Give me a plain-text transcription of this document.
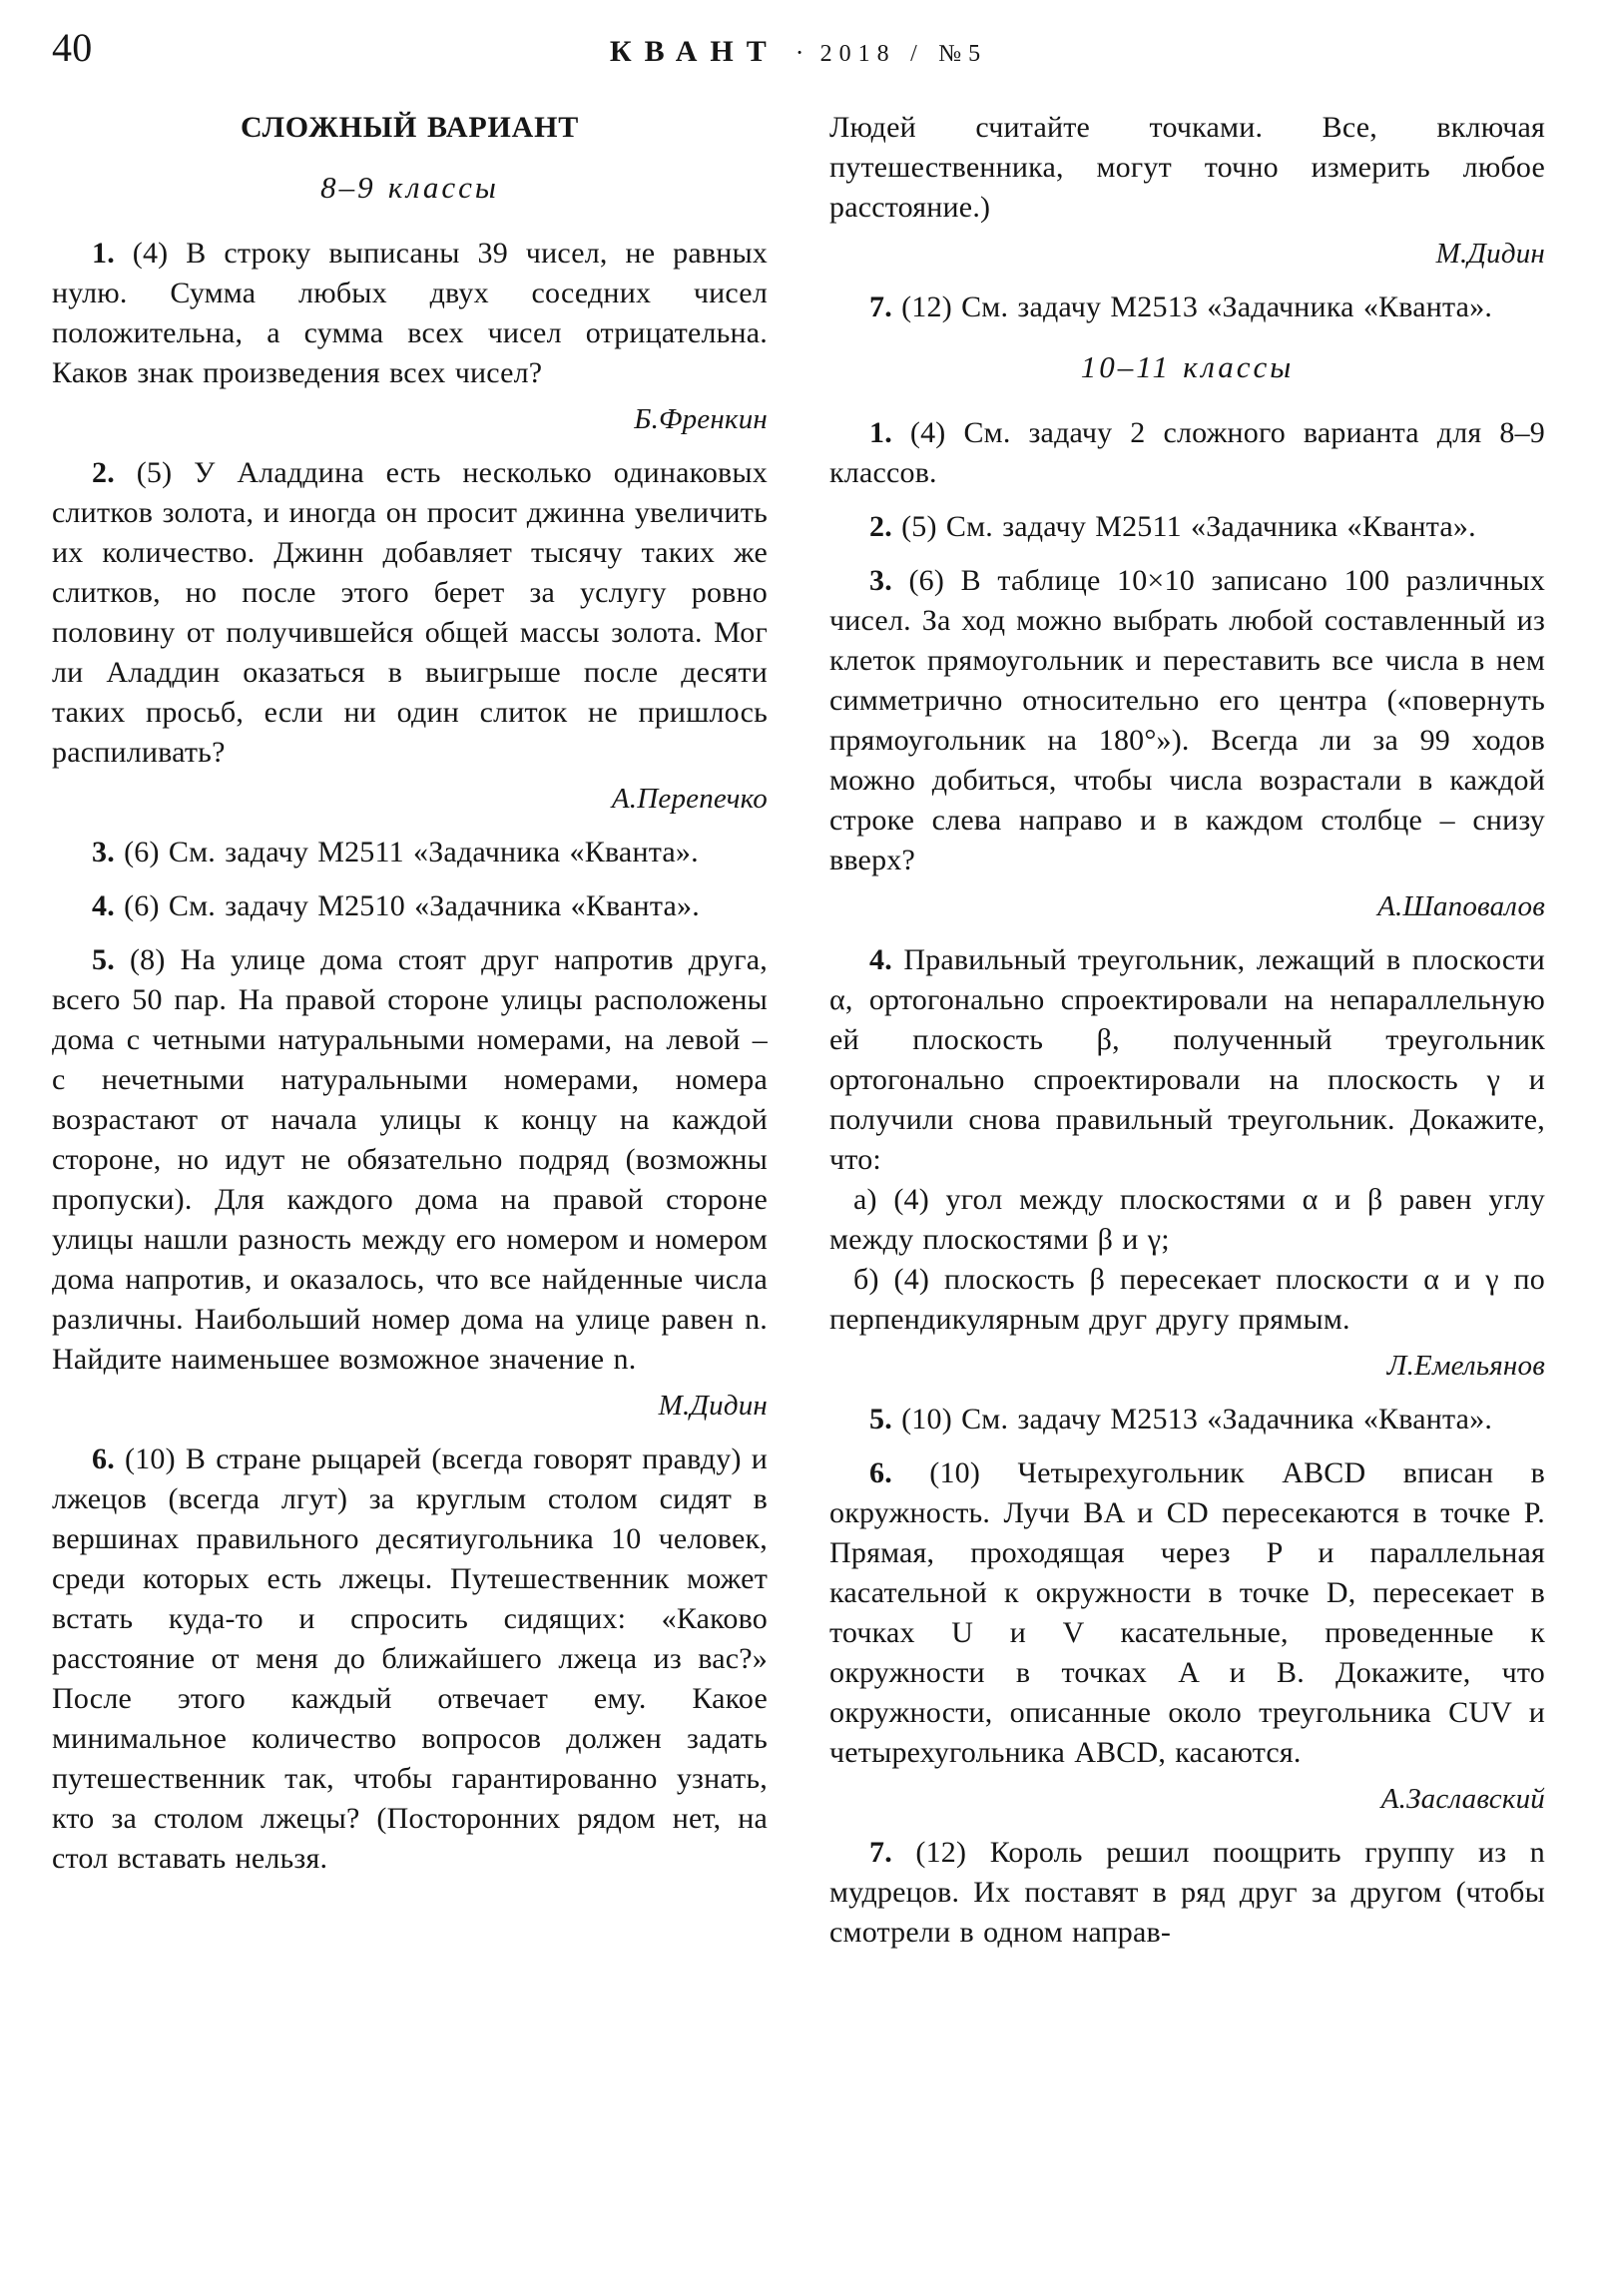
40	КВАНТ · 2018 / №5
СЛОЖНЫЙ ВАРИАНТ
8–9 классы

1. (4) В строку выписаны 39 чисел, не равных нулю. Сумма любых двух соседних чисел положительна, а сумма всех чисел отрицательна. Каков знак произведения всех чисел?

Б.Френкин

2. (5) У Аладдина есть несколько одинаковых слитков золота, и иногда он просит джинна увеличить их количество. Джинн добавляет тысячу таких же слитков, но после этого берет за услугу ровно половину от получившейся общей массы золота. Мог ли Аладдин оказаться в выигрыше после десяти таких просьб, если ни один слиток не пришлось распиливать?

А.Перепечко

3. (6) См. задачу М2511 «Задачника «Кванта».

4. (6) См. задачу М2510 «Задачника «Кванта».

5. (8) На улице дома стоят друг напротив друга, всего 50 пар. На правой стороне улицы расположены дома с четными натуральными номерами, на левой – с нечетными натуральными номерами, номера возрастают от начала улицы к концу на каждой стороне, но идут не обязательно подряд (возможны пропуски). Для каждого дома на правой стороне улицы нашли разность между его номером и номером дома напротив, и оказалось, что все найденные числа различны. Наибольший номер дома на улице равен n. Найдите наименьшее возможное значение n.

М.Дидин

6. (10) В стране рыцарей (всегда говорят правду) и лжецов (всегда лгут) за круглым столом сидят в вершинах правильного десятиугольника 10 человек, среди которых есть лжецы. Путешественник может встать куда-то и спросить сидящих: «Каково расстояние от меня до ближайшего лжеца из вас?» После этого каждый отвечает ему. Какое минимальное количество вопросов должен задать путешественник так, чтобы гарантированно узнать, кто за столом лжецы? (Посторонних рядом нет, на стол вставать нельзя.

Людей считайте точками. Все, включая путешественника, могут точно измерить любое расстояние.)

М.Дидин

7. (12) См. задачу М2513 «Задачника «Кванта».

10–11 классы

1. (4) См. задачу 2 сложного варианта для 8–9 классов.

2. (5) См. задачу М2511 «Задачника «Кванта».

3. (6) В таблице 10×10 записано 100 различных чисел. За ход можно выбрать любой составленный из клеток прямоугольник и переставить все числа в нем симметрично относительно его центра («повернуть прямоугольник на 180°»). Всегда ли за 99 ходов можно добиться, чтобы числа возрастали в каждой строке слева направо и в каждом столбце – снизу вверх?

А.Шаповалов

4. Правильный треугольник, лежащий в плоскости α, ортогонально спроектировали на непараллельную ей плоскость β, полученный треугольник ортогонально спроектировали на плоскость γ и получили снова правильный треугольник. Докажите, что:

а) (4) угол между плоскостями α и β равен углу между плоскостями β и γ;

б) (4) плоскость β пересекает плоскости α и γ по перпендикулярным друг другу прямым.

Л.Емельянов

5. (10) См. задачу М2513 «Задачника «Кванта».

6. (10) Четырехугольник ABCD вписан в окружность. Лучи BA и CD пересекаются в точке P. Прямая, проходящая через P и параллельная касательной к окружности в точке D, пересекает в точках U и V касательные, проведенные к окружности в точках A и B. Докажите, что окружности, описанные около треугольника CUV и четырехугольника ABCD, касаются.

А.Заславский

7. (12) Король решил поощрить группу из n мудрецов. Их поставят в ряд друг за другом (чтобы смотрели в одном направ-
